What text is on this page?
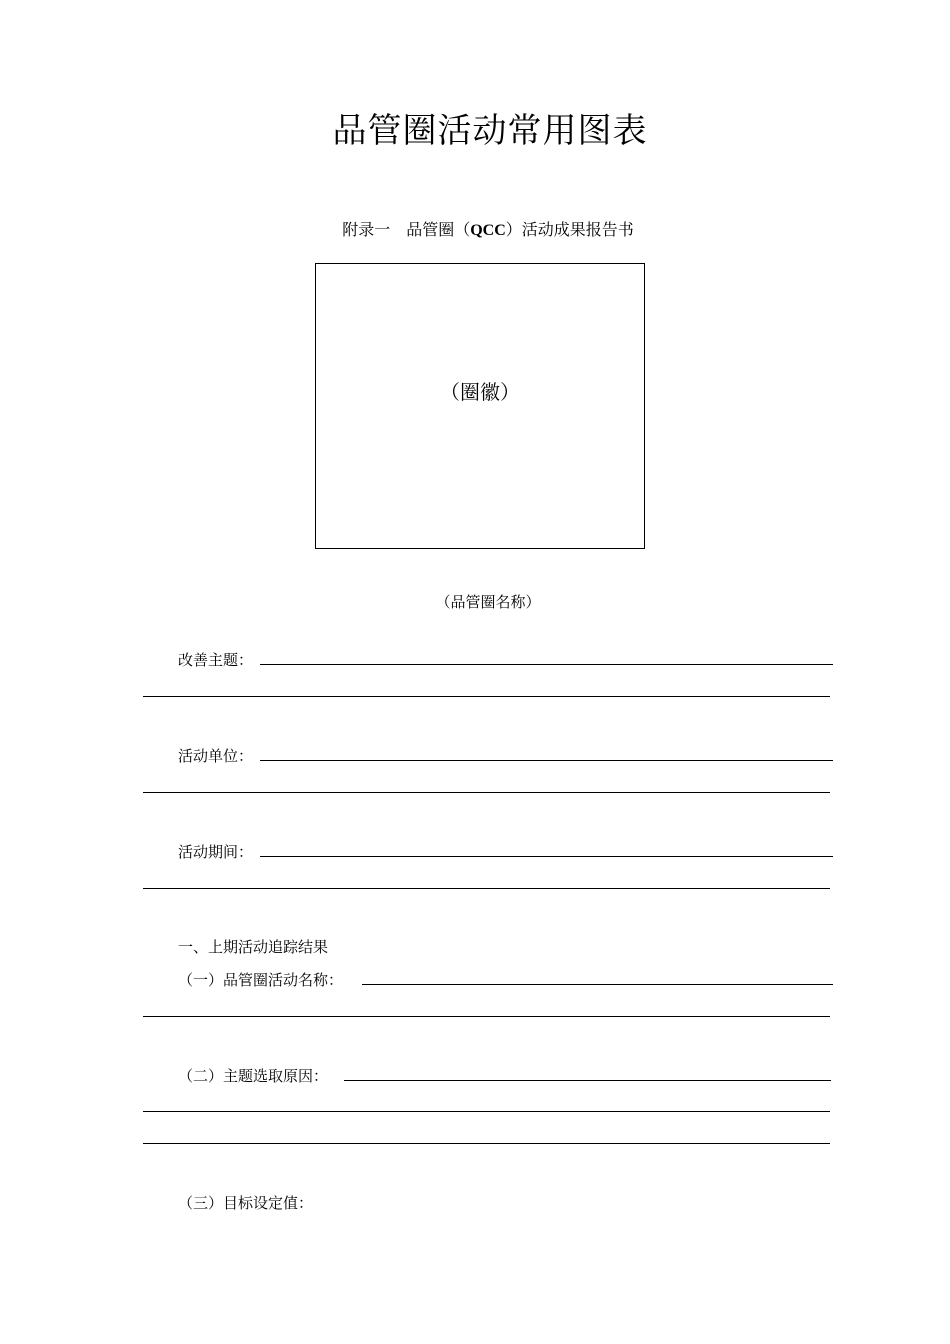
品管圈活动常用图表
附录一　品管圈（QCC）活动成果报告书
（圈徽）
（品管圈名称）
改善主题：
活动单位：
活动期间：
一、上期活动追踪结果
（一）品管圈活动名称：
（二）主题选取原因：
（三）目标设定值：
